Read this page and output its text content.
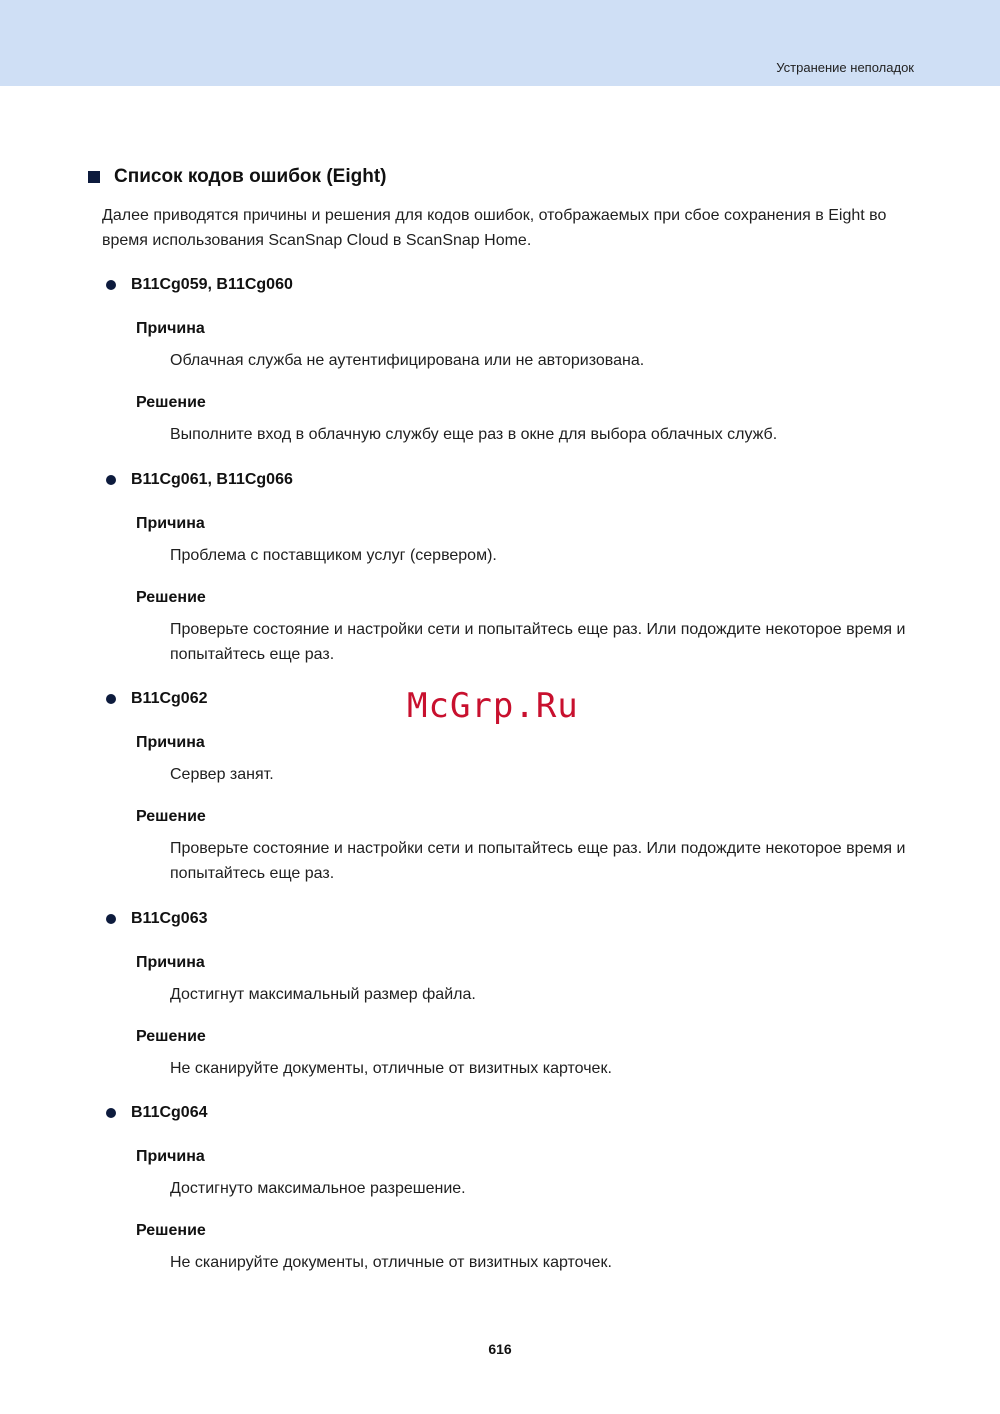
Устранение неполадок
Список кодов ошибок (Eight)
Далее приводятся причины и решения для кодов ошибок, отображаемых при сбое сохранения в Eight во время использования ScanSnap Cloud в ScanSnap Home.
B11Cg059, B11Cg060
Причина
Облачная служба не аутентифицирована или не авторизована.
Решение
Выполните вход в облачную службу еще раз в окне для выбора облачных служб.
B11Cg061, B11Cg066
Причина
Проблема с поставщиком услуг (сервером).
Решение
Проверьте состояние и настройки сети и попытайтесь еще раз. Или подождите некоторое время и попытайтесь еще раз.
B11Cg062
Причина
Сервер занят.
Решение
Проверьте состояние и настройки сети и попытайтесь еще раз. Или подождите некоторое время и попытайтесь еще раз.
B11Cg063
Причина
Достигнут максимальный размер файла.
Решение
Не сканируйте документы, отличные от визитных карточек.
B11Cg064
Причина
Достигнуто максимальное разрешение.
Решение
Не сканируйте документы, отличные от визитных карточек.
McGrp.Ru
616
